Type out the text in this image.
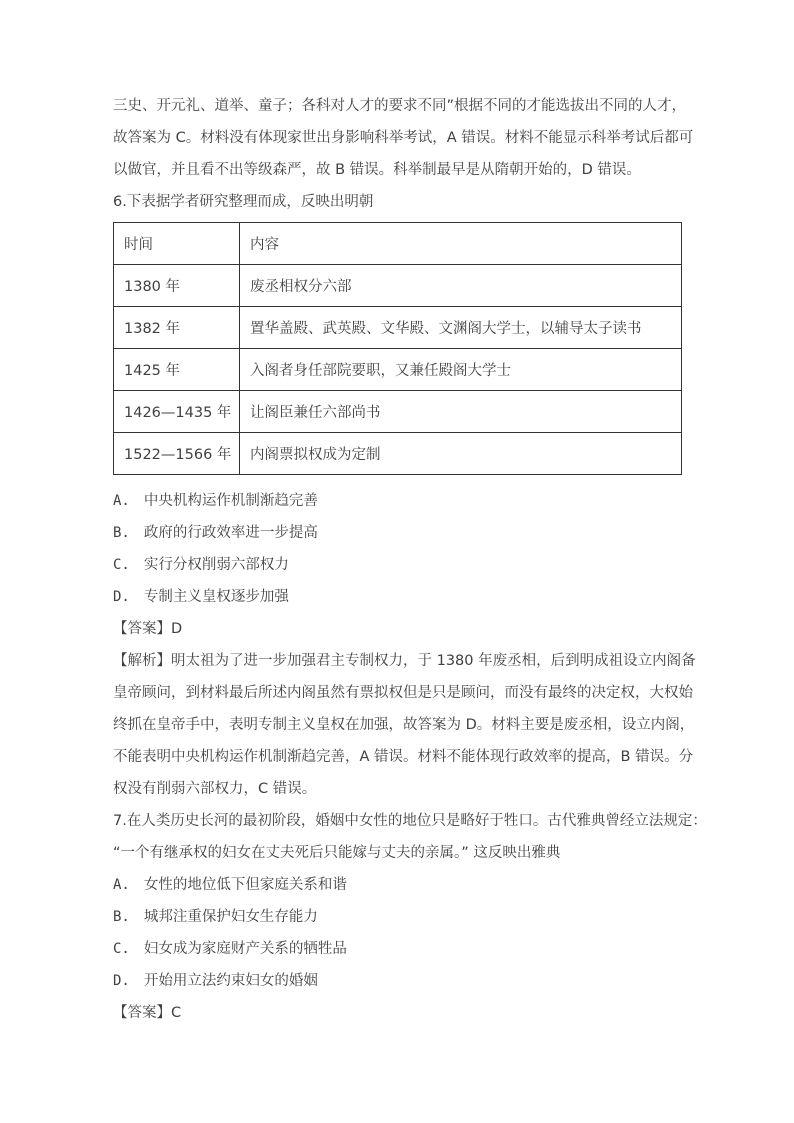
三史、开元礼、道举、童子；各科对人才的要求不同”根据不同的才能选拔出不同的人才，
故答案为 C。材料没有体现家世出身影响科举考试，A 错误。材料不能显示科举考试后都可
以做官，并且看不出等级森严，故 B 错误。科举制最早是从隋朝开始的，D 错误。
6.下表据学者研究整理而成，反映出明朝
时间	内容
1380 年	废丞相权分六部
1382 年	置华盖殿、武英殿、文华殿、文渊阁大学士，以辅导太子读书
1425 年	入阁者身任部院要职，又兼任殿阁大学士
1426—1435 年	让阁臣兼任六部尚书
1522—1566 年	内阁票拟权成为定制
A. 中央机构运作机制渐趋完善
B. 政府的行政效率进一步提高
C. 实行分权削弱六部权力
D. 专制主义皇权逐步加强
【答案】D
【解析】明太祖为了进一步加强君主专制权力，于 1380 年废丞相，后到明成祖设立内阁备
皇帝顾问，到材料最后所述内阁虽然有票拟权但是只是顾问，而没有最终的决定权，大权始
终抓在皇帝手中，表明专制主义皇权在加强，故答案为 D。材料主要是废丞相，设立内阁，
不能表明中央机构运作机制渐趋完善，A 错误。材料不能体现行政效率的提高，B 错误。分
权没有削弱六部权力，C 错误。
7.在人类历史长河的最初阶段，婚姻中女性的地位只是略好于牲口。古代雅典曾经立法规定：
“一个有继承权的妇女在丈夫死后只能嫁与丈夫的亲属。” 这反映出雅典
A. 女性的地位低下但家庭关系和谐
B. 城邦注重保护妇女生存能力
C. 妇女成为家庭财产关系的牺牲品
D. 开始用立法约束妇女的婚姻
【答案】C
